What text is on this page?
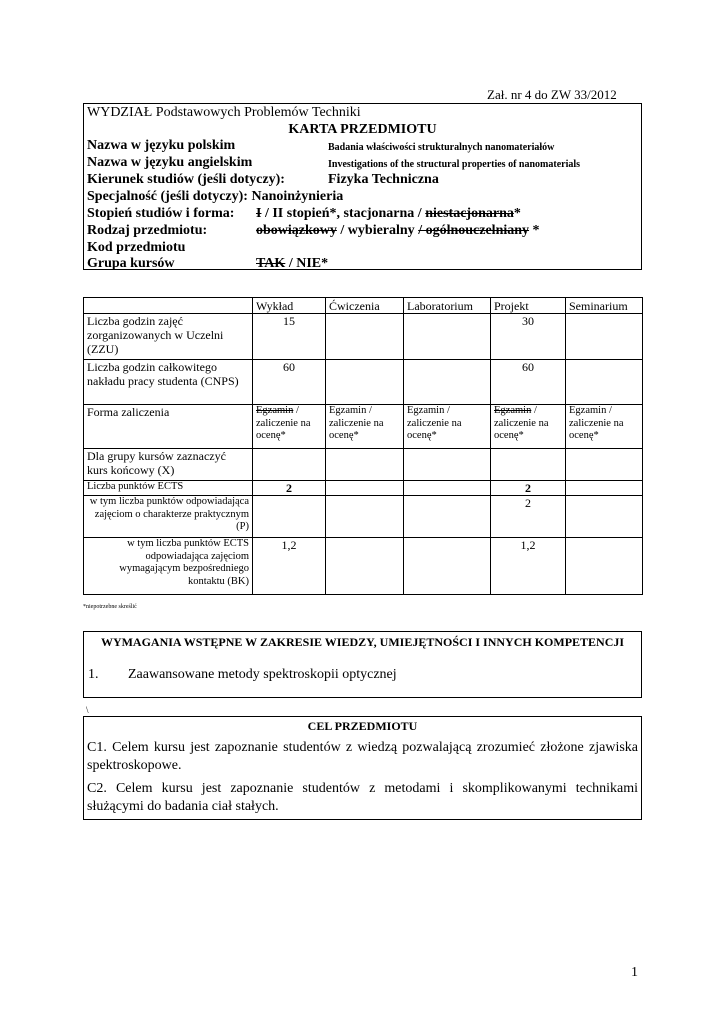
Zał. nr 4 do ZW 33/2012
WYDZIAŁ Podstawowych Problemów Techniki
KARTA PRZEDMIOTU
Nazwa w języku polskim	Badania właściwości strukturalnych nanomateriałów
Nazwa w języku angielskim	Investigations of the structural properties of nanomaterials
Kierunek studiów (jeśli dotyczy):	Fizyka Techniczna
Specjalność (jeśli dotyczy): Nanoinżynieria
Stopień studiów i forma: I / II stopień*, stacjonarna / niestacjonarna*
Rodzaj przedmiotu:	obowiązkowy / wybieralny / ogólnouczelniany *
Kod przedmiotu
Grupa kursów	TAK / NIE*
	Wykład	Ćwiczenia	Laboratorium	Projekt	Seminarium
Liczba godzin zajęć zorganizowanych w Uczelni (ZZU)	15			30	
Liczba godzin całkowitego nakładu pracy studenta (CNPS)	60			60	
Forma zaliczenia	Egzamin / zaliczenie na ocenę*	Egzamin / zaliczenie na ocenę*	Egzamin / zaliczenie na ocenę*	Egzamin / zaliczenie na ocenę*	Egzamin / zaliczenie na ocenę*
Dla grupy kursów zaznaczyć kurs końcowy (X)					
Liczba punktów ECTS	2			2	
w tym liczba punktów odpowiadająca zajęciom o charakterze praktycznym (P)				2	
w tym liczba punktów ECTS odpowiadająca zajęciom wymagającym bezpośredniego kontaktu (BK)	1,2			1,2	
*niepotrzebne skreślić
WYMAGANIA WSTĘPNE W ZAKRESIE WIEDZY, UMIEJĘTNOŚCI I INNYCH KOMPETENCJI
1. Zaawansowane metody spektroskopii optycznej
\
CEL PRZEDMIOTU

C1. Celem kursu jest zapoznanie studentów z wiedzą pozwalającą zrozumieć złożone zjawiska spektroskopowe.

C2. Celem kursu jest zapoznanie studentów z metodami i skomplikowanymi technikami służącymi do badania ciał stałych.

1
